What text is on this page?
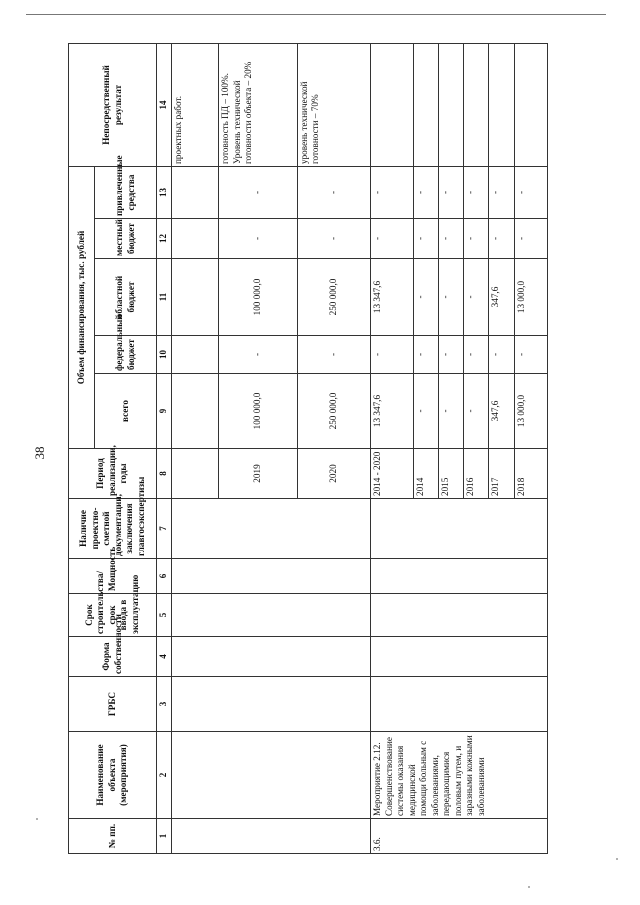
38
№ пп.	Наименование объекта (мероприятия)	ГРБС	Форма собственности	Срок строительства/срок ввода в эксплуатацию	Мощность	Наличие проектно-сметной документации, заключения главгосэкспертизы	Период реализации, годы	Объем финансирования, тыс. рублей					Непосредственный результат
								всего	федеральный бюджет	областной бюджет	местный бюджет	привлеченные средства	
1	2	3	4	5	6	7	8	9	10	11	12	13	14
													проектных работ.
							2019	100 000,0	-	100 000,0	-	-	готовность ПД – 100%. Уровень технической готовности объекта – 20%
							2020	250 000,0	-	250 000,0	-	-	уровень технической готовности – 70%
3.6.	Мероприятие 2.12. Совершенствование системы оказания медицинской помощи больным с заболеваниями, передающимися половым путем, и заразными кожными заболеваниями						2014 - 2020	13 347,6	-	13 347,6	-	-	
							2014	-	-	-	-	-	
							2015	-	-	-	-	-	
							2016	-	-	-	-	-	
							2017	347,6	-	347,6	-	-	
							2018	13 000,0	-	13 000,0	-	-	
